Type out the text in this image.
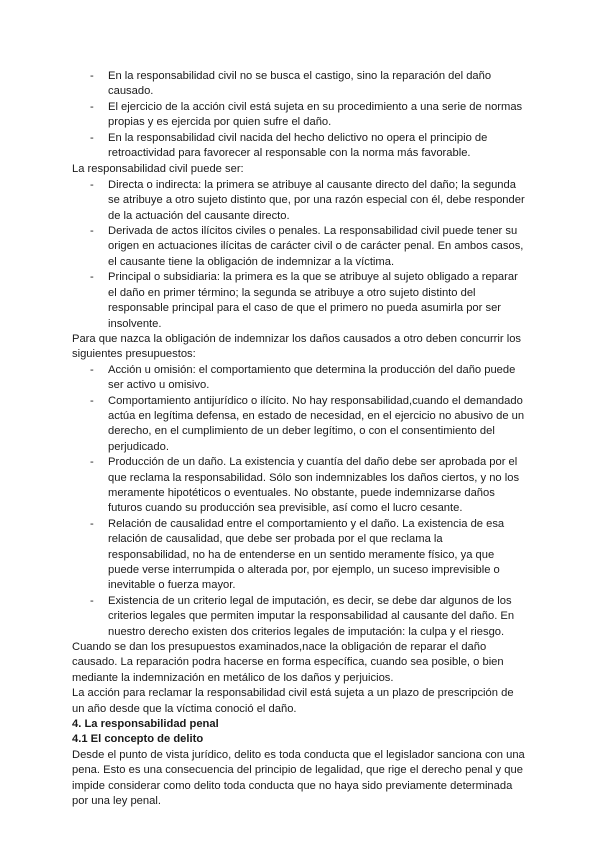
- En la responsabilidad civil no se busca el castigo, sino la reparación del daño causado.
- El ejercicio de la acción civil está sujeta en su procedimiento a una serie de normas propias y es ejercida por quien sufre el daño.
- En la responsabilidad civil nacida del hecho delictivo no opera el principio de retroactividad para favorecer al responsable con la norma más favorable.

La responsabilidad civil puede ser:

- Directa o indirecta: la primera se atribuye al causante directo del daño; la segunda se atribuye a otro sujeto distinto que, por una razón especial con él, debe responder de la actuación del causante directo.
- Derivada de actos ilícitos civiles o penales. La responsabilidad civil puede tener su origen en actuaciones ilícitas de carácter civil o de carácter penal. En ambos casos, el causante tiene la obligación de indemnizar a la víctima.
- Principal o subsidiaria: la primera es la que se atribuye al sujeto obligado a reparar el daño en primer término; la segunda se atribuye a otro sujeto distinto del responsable principal para el caso de que el primero no pueda asumirla por ser insolvente.

Para que nazca la obligación de indemnizar los daños causados a otro deben concurrir los siguientes presupuestos:

- Acción u omisión: el comportamiento que determina la producción del daño puede ser activo u omisivo.
- Comportamiento antijurídico o ilícito. No hay responsabilidad,cuando el demandado actúa en legítima defensa, en estado de necesidad, en el ejercicio no abusivo de un derecho, en el cumplimiento de un deber legítimo, o con el consentimiento del perjudicado.
- Producción de un daño. La existencia y cuantía del daño debe ser aprobada por el que reclama la responsabilidad. Sólo son indemnizables los daños ciertos, y no los meramente hipotéticos o eventuales. No obstante, puede indemnizarse daños futuros cuando su producción sea previsible, así como el lucro cesante.
- Relación de causalidad entre el comportamiento y el daño. La existencia de esa relación de causalidad, que debe ser probada por el que reclama la responsabilidad, no ha de entenderse en un sentido meramente físico, ya que puede verse interrumpida o alterada por, por ejemplo, un suceso imprevisible o inevitable o fuerza mayor.
- Existencia de un criterio legal de imputación, es decir, se debe dar algunos de los criterios legales que permiten imputar la responsabilidad al causante del daño. En nuestro derecho existen dos criterios legales de imputación: la culpa y el riesgo.

Cuando se dan los presupuestos examinados,nace la obligación de reparar el daño causado. La reparación podra hacerse en forma específica, cuando sea posible, o bien mediante la indemnización en metálico de los daños y perjuicios.

La acción para reclamar la responsabilidad civil está sujeta a un plazo de prescripción de un año desde que la víctima conoció el daño.

4. La responsabilidad penal

4.1 El concepto de delito

Desde el punto de vista jurídico, delito es toda conducta que el legislador sanciona con una pena. Esto es una consecuencia del principio de legalidad, que rige el derecho penal y que impide considerar como delito toda conducta que no haya sido previamente determinada por una ley penal.
